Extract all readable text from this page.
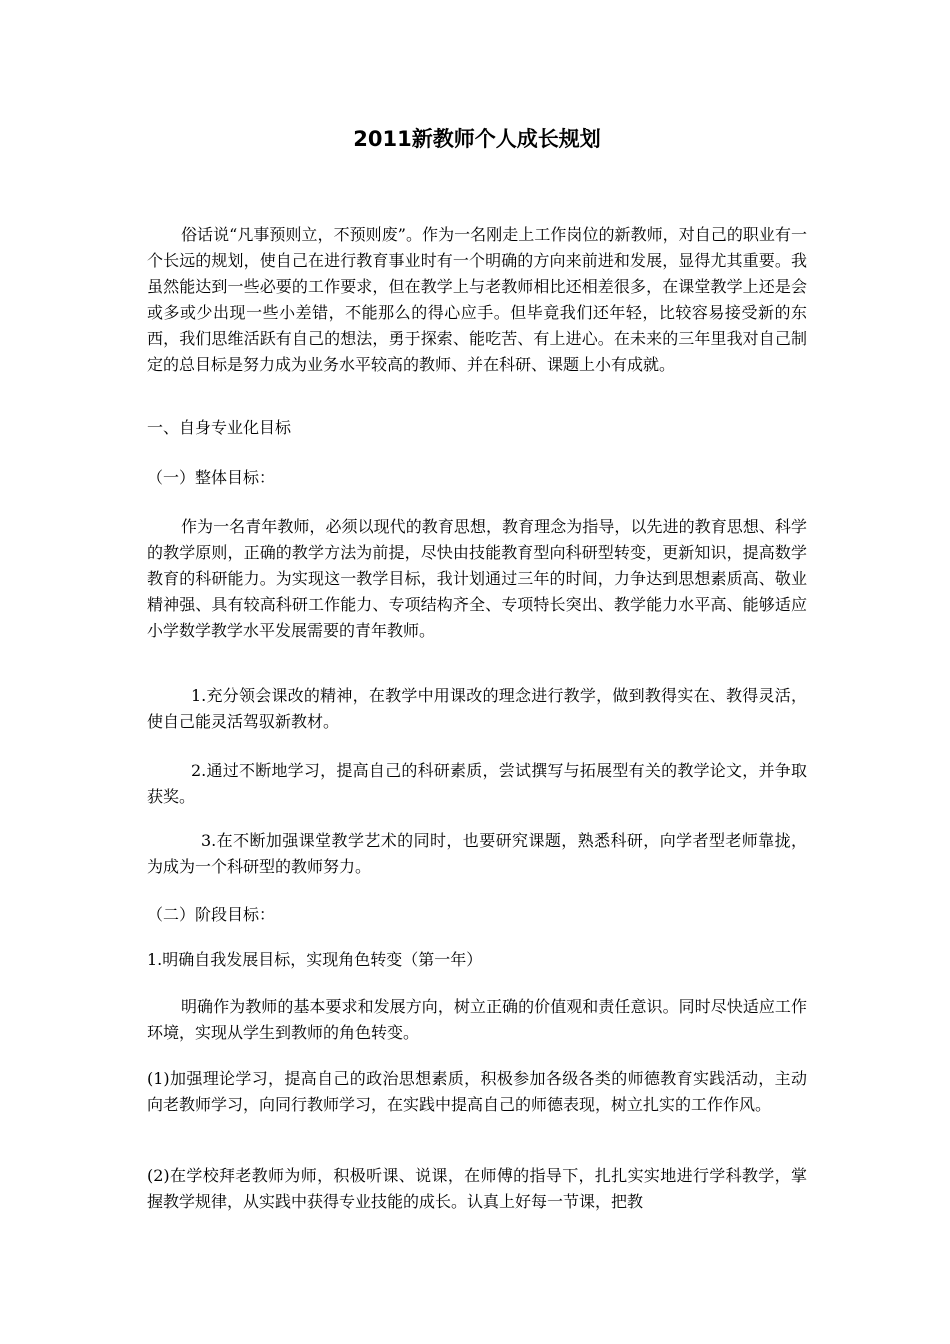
2011新教师个人成长规划

俗话说“凡事预则立，不预则废”。作为一名刚走上工作岗位的新教师，对自己的职业有一个长远的规划，使自己在进行教育事业时有一个明确的方向来前进和发展，显得尤其重要。我虽然能达到一些必要的工作要求，但在教学上与老教师相比还相差很多，在课堂教学上还是会或多或少出现一些小差错，不能那么的得心应手。但毕竟我们还年轻，比较容易接受新的东西，我们思维活跃有自己的想法，勇于探索、能吃苦、有上进心。在未来的三年里我对自己制定的总目标是努力成为业务水平较高的教师、并在科研、课题上小有成就。

一、自身专业化目标

（一）整体目标：

作为一名青年教师，必须以现代的教育思想，教育理念为指导，以先进的教育思想、科学的教学原则，正确的教学方法为前提，尽快由技能教育型向科研型转变，更新知识，提高数学教育的科研能力。为实现这一教学目标，我计划通过三年的时间，力争达到思想素质高、敬业精神强、具有较高科研工作能力、专项结构齐全、专项特长突出、教学能力水平高、能够适应小学数学教学水平发展需要的青年教师。

1.充分领会课改的精神，在教学中用课改的理念进行教学，做到教得实在、教得灵活，使自己能灵活驾驭新教材。

2.通过不断地学习，提高自己的科研素质，尝试撰写与拓展型有关的教学论文，并争取获奖。

3.在不断加强课堂教学艺术的同时，也要研究课题，熟悉科研，向学者型老师靠拢，为成为一个科研型的教师努力。

（二）阶段目标：

1.明确自我发展目标，实现角色转变（第一年）

明确作为教师的基本要求和发展方向，树立正确的价值观和责任意识。同时尽快适应工作环境，实现从学生到教师的角色转变。

(1)加强理论学习，提高自己的政治思想素质，积极参加各级各类的师德教育实践活动，主动向老教师学习，向同行教师学习，在实践中提高自己的师德表现，树立扎实的工作作风。

(2)在学校拜老教师为师，积极听课、说课，在师傅的指导下，扎扎实实地进行学科教学，掌握教学规律，从实践中获得专业技能的成长。认真上好每一节课，把教
